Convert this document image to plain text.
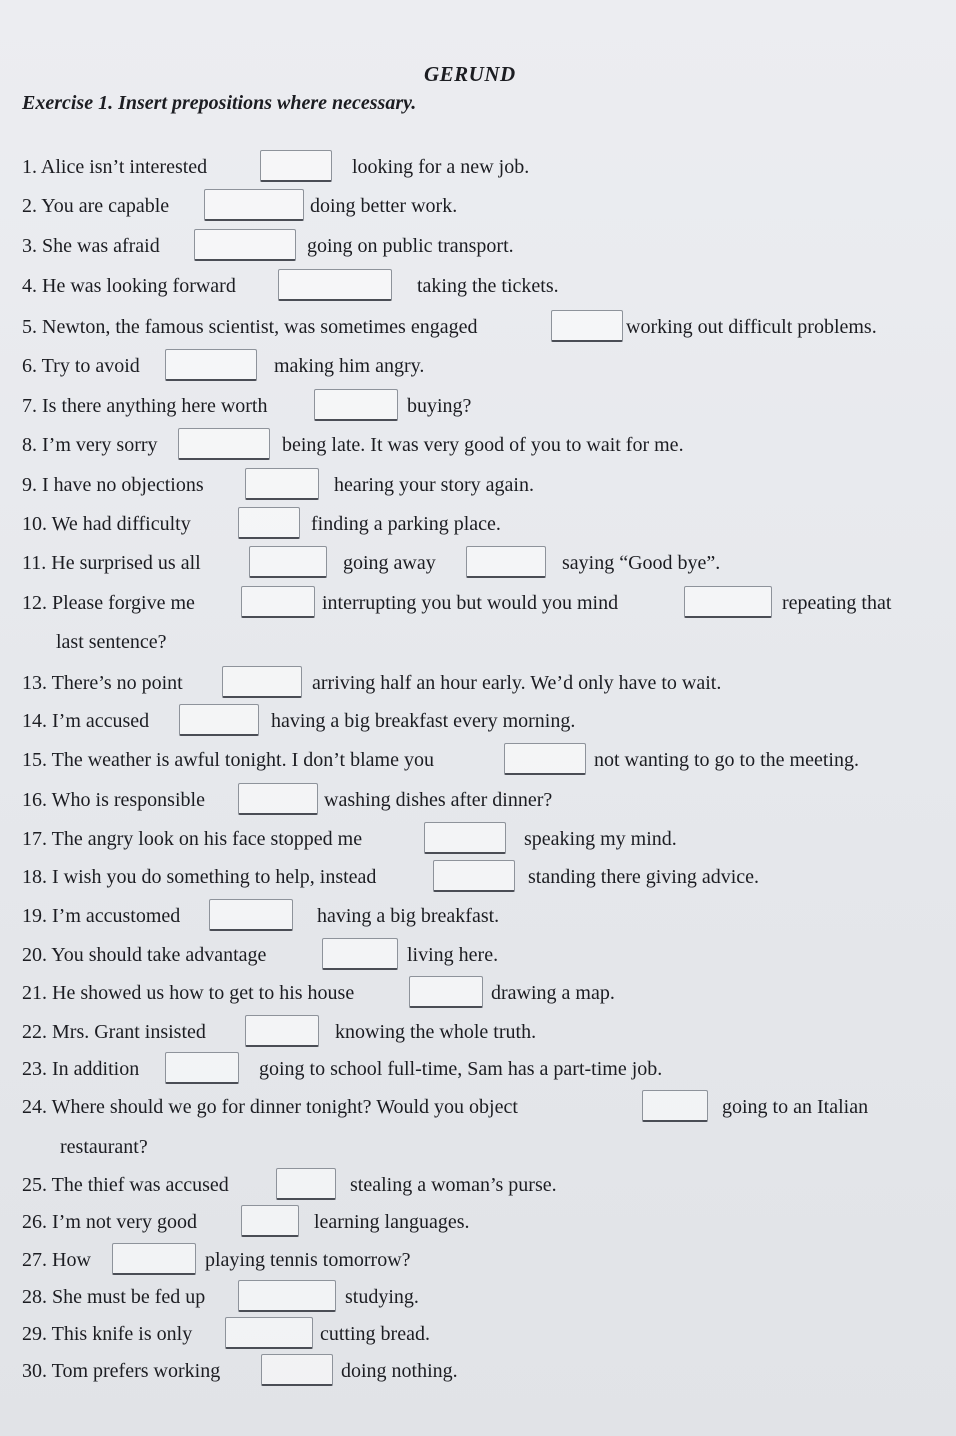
GERUND
Exercise 1. Insert prepositions where necessary.
1. Alice isn’t interested	looking for a new job.
2. You are capable	doing better work.
3. She was afraid	going on public transport.
4. He was looking forward	taking the tickets.
5. Newton, the famous scientist, was sometimes engaged	working out difficult problems.
6. Try to avoid	making him angry.
7. Is there anything here worth	buying?
8. I’m very sorry	being late. It was very good of you to wait for me.
9. I have no objections	hearing your story again.
10. We had difficulty	finding a parking place.
11. He surprised us all	going away	saying “Good bye”.
12. Please forgive me	interrupting you but would you mind	repeating that
last sentence?
13. There’s no point	arriving half an hour early. We’d only have to wait.
14. I’m accused	having a big breakfast every morning.
15. The weather is awful tonight. I don’t blame you	not wanting to go to the meeting.
16. Who is responsible	washing dishes after dinner?
17. The angry look on his face stopped me	speaking my mind.
18. I wish you do something to help, instead	standing there giving advice.
19. I’m accustomed	having a big breakfast.
20. You should take advantage	living here.
21. He showed us how to get to his house	drawing a map.
22. Mrs. Grant insisted	knowing the whole truth.
23. In addition	going to school full-time, Sam has a part-time job.
24. Where should we go for dinner tonight? Would you object	going to an Italian
restaurant?
25. The thief was accused	stealing a woman’s purse.
26. I’m not very good	learning languages.
27. How	playing tennis tomorrow?
28. She must be fed up	studying.
29. This knife is only	cutting bread.
30. Tom prefers working	doing nothing.
